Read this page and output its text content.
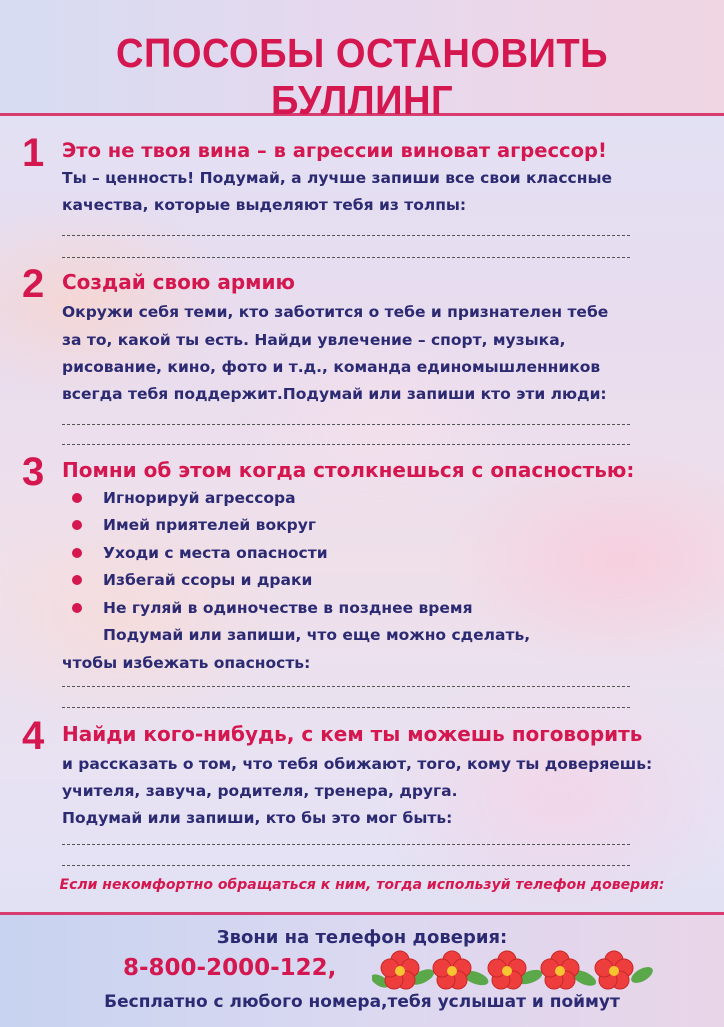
СПОСОБЫ ОСТАНОВИТЬ БУЛЛИНГ
1 Это не твоя вина – в агрессии виноват агрессор!
Ты – ценность! Подумай, а лучше запиши все свои классные
качества, которые выделяют тебя из толпы:
2 Создай свою армию
Окружи себя теми, кто заботится о тебе и признателен тебе
за то, какой ты есть. Найди увлечение – спорт, музыка,
рисование, кино, фото и т.д., команда единомышленников
всегда тебя поддержит.Подумай или запиши кто эти люди:
3 Помни об этом когда столкнешься с опасностью:
Игнорируй агрессора
Имей приятелей вокруг
Уходи с места опасности
Избегай ссоры и драки
Не гуляй в одиночестве в позднее время
Подумай или запиши, что еще можно сделать,
чтобы избежать опасность:
4 Найди кого-нибудь, с кем ты можешь поговорить
и рассказать о том, что тебя обижают, того, кому ты доверяешь:
учителя, завуча, родителя, тренера, друга.
Подумай или запиши, кто бы это мог быть:
Если некомфортно обращаться к ним, тогда используй телефон доверия:
Звони на телефон доверия:
8-800-2000-122,
Бесплатно с любого номера,тебя услышат и поймут
